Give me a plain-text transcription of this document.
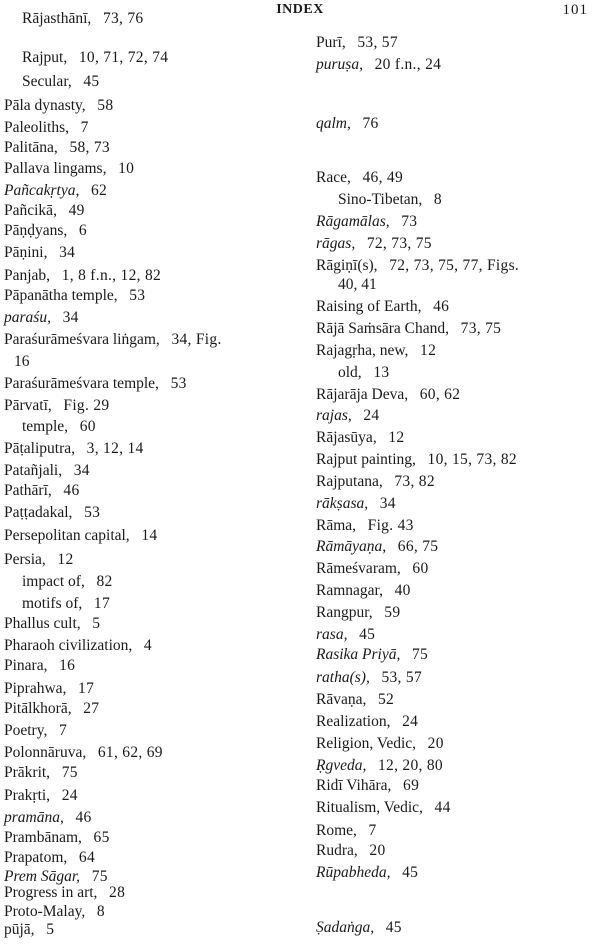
INDEX	101
Rājasthānī, 73, 76
Rajput, 10, 71, 72, 74
Secular, 45
Pāla dynasty, 58
Paleoliths, 7
Palitāna, 58, 73
Pallava lingams, 10
Pañcakṛtya, 62
Pañcikā, 49
Pāṇḍyans, 6
Pāṇini, 34
Panjab, 1, 8 f.n., 12, 82
Pāpanātha temple, 53
paraśu, 34
Paraśurāmeśvara liṅgam, 34, Fig.
16
Paraśurāmeśvara temple, 53
Pārvatī, Fig. 29
temple, 60
Pāṭaliputra, 3, 12, 14
Patañjali, 34
Pathārī, 46
Paṭṭadakal, 53
Persepolitan capital, 14
Persia, 12
impact of, 82
motifs of, 17
Phallus cult, 5
Pharaoh civilization, 4
Pinara, 16
Piprahwa, 17
Pitālkhorā, 27
Poetry, 7
Polonnāruva, 61, 62, 69
Prākrit, 75
Prakṛti, 24
pramāna, 46
Prambānam, 65
Prapatom, 64
Prem Sāgar, 75
Progress in art, 28
Proto-Malay, 8
pūjā, 5
Purī, 53, 57
puruṣa, 20 f.n., 24
qalm, 76
Race, 46, 49
Sino-Tibetan, 8
Rāgamālas, 73
rāgas, 72, 73, 75
Rāgiṇī(s), 72, 73, 75, 77, Figs.
40, 41
Raising of Earth, 46
Rājā Saṁsāra Chand, 73, 75
Rajagṛha, new, 12
old, 13
Rājarāja Deva, 60, 62
rajas, 24
Rājasūya, 12
Rajput painting, 10, 15, 73, 82
Rajputana, 73, 82
rākṣasa, 34
Rāma, Fig. 43
Rāmāyaṇa, 66, 75
Rāmeśvaram, 60
Ramnagar, 40
Rangpur, 59
rasa, 45
Rasika Priyā, 75
ratha(s), 53, 57
Rāvaṇa, 52
Realization, 24
Religion, Vedic, 20
Ṛgveda, 12, 20, 80
Ridī Vihāra, 69
Ritualism, Vedic, 44
Rome, 7
Rudra, 20
Rūpabheda, 45
Ṣadaṅga, 45
